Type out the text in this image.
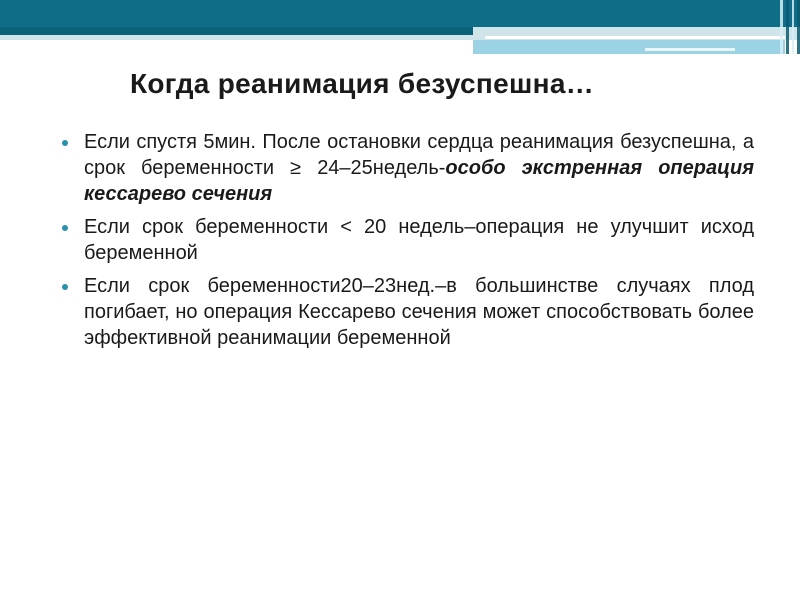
Когда реанимация безуспешна…
Если спустя 5мин. После остановки сердца реанимация безуспешна, а срок беременности ≥ 24–25недель-особо экстренная операция кессарево сечения
Если срок беременности < 20 недель–операция не улучшит исход беременной
Если срок беременности20–23нед.–в большинстве случаях плод погибает, но операция Кессарево сечения может способствовать более эффективной реанимации беременной
